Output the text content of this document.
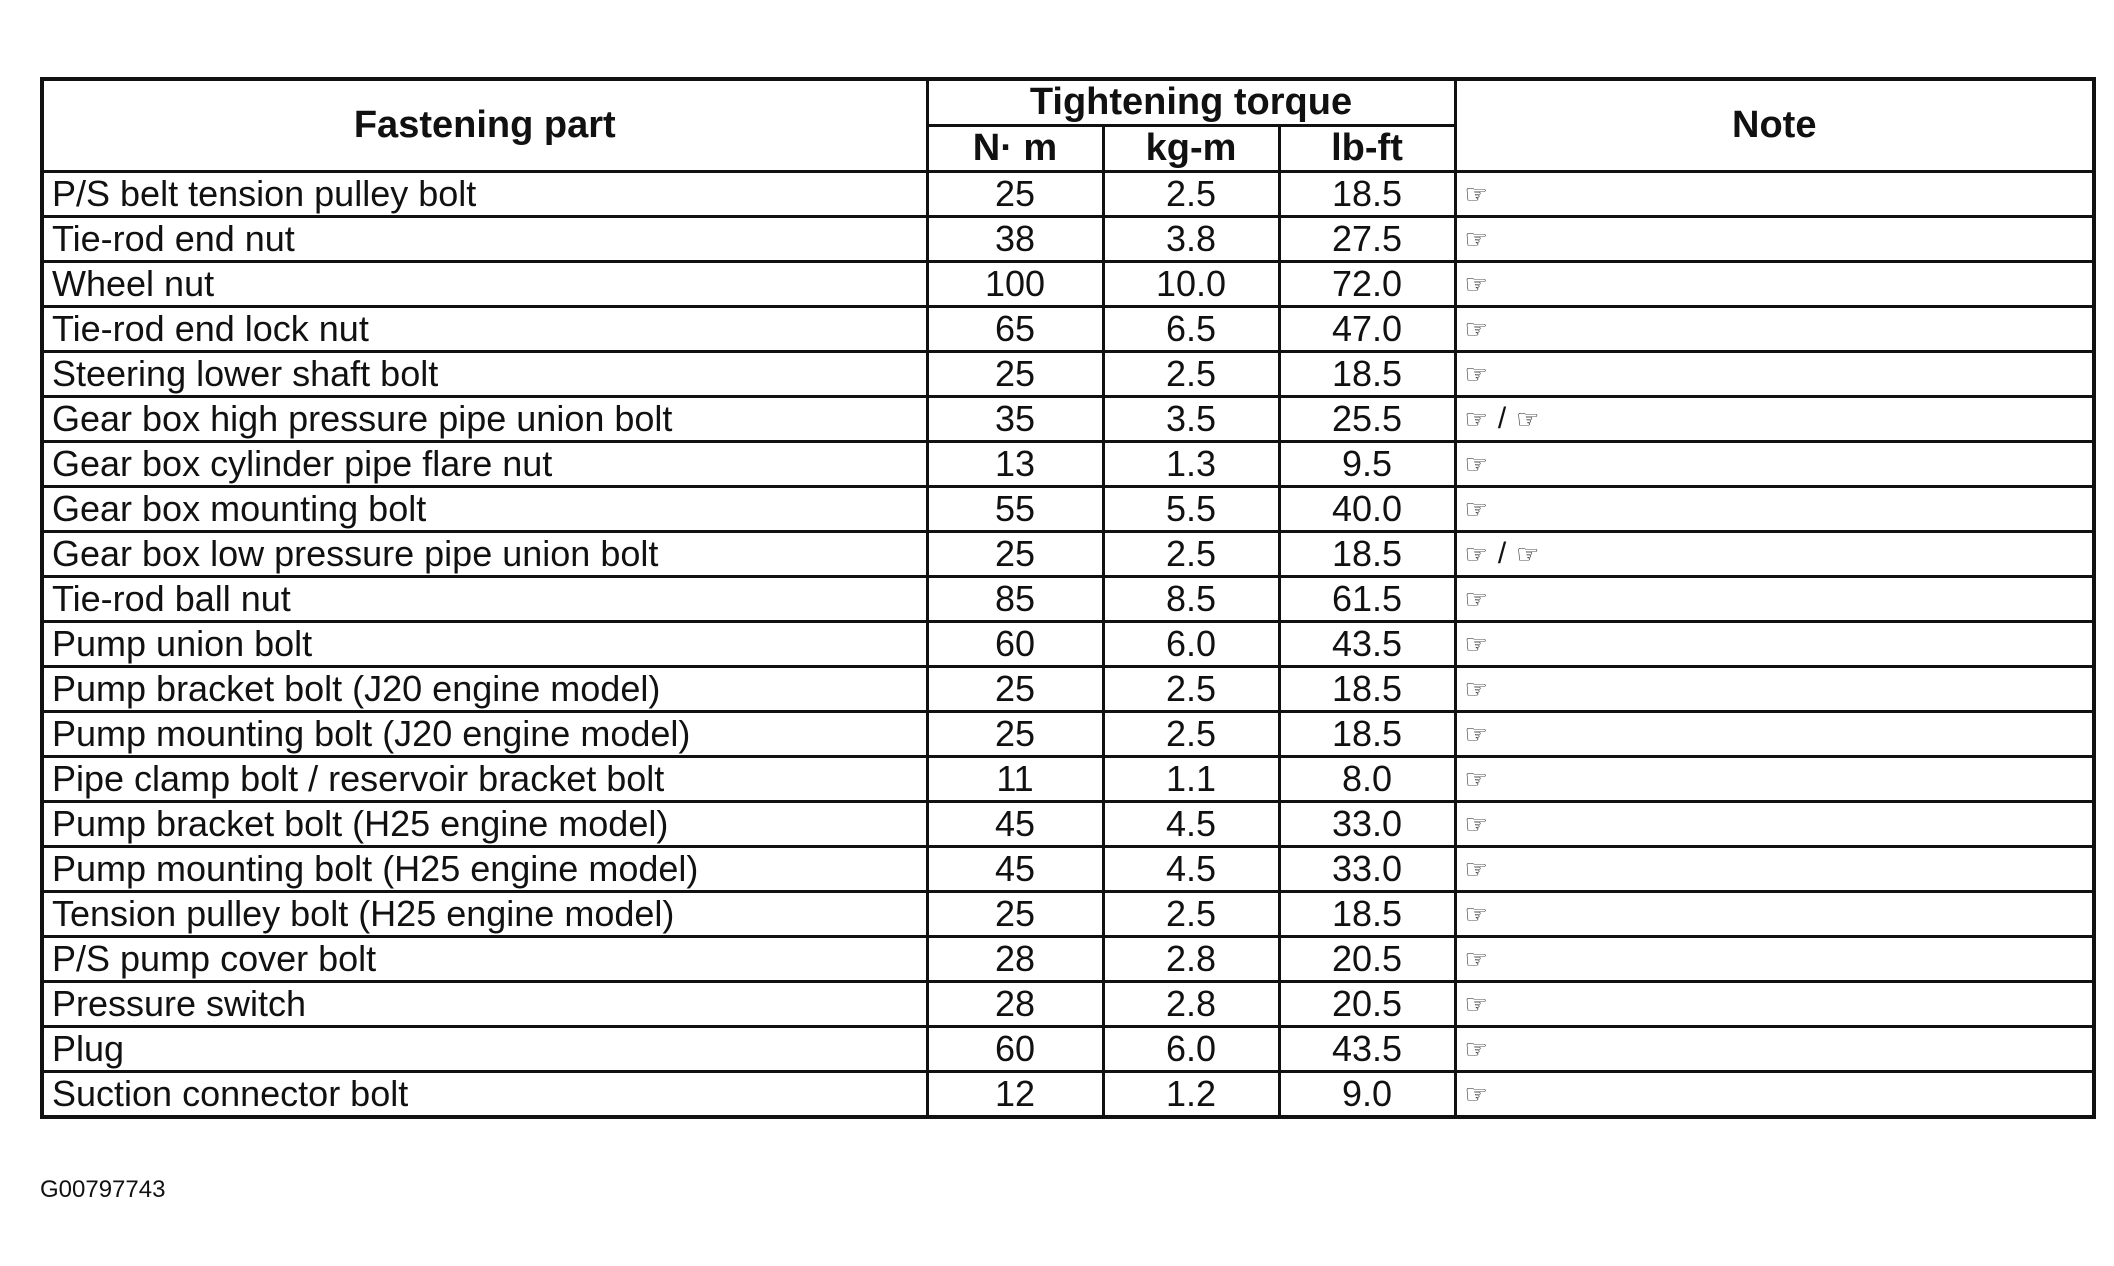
Fastening part	Tightening torque			Note
	N· m	kg-m	lb-ft	
P/S belt tension pulley bolt	25	2.5	18.5	☞
Tie-rod end nut	38	3.8	27.5	☞
Wheel nut	100	10.0	72.0	☞
Tie-rod end lock nut	65	6.5	47.0	☞
Steering lower shaft bolt	25	2.5	18.5	☞
Gear box high pressure pipe union bolt	35	3.5	25.5	☞ / ☞
Gear box cylinder pipe flare nut	13	1.3	9.5	☞
Gear box mounting bolt	55	5.5	40.0	☞
Gear box low pressure pipe union bolt	25	2.5	18.5	☞ / ☞
Tie-rod ball nut	85	8.5	61.5	☞
Pump union bolt	60	6.0	43.5	☞
Pump bracket bolt (J20 engine model)	25	2.5	18.5	☞
Pump mounting bolt (J20 engine model)	25	2.5	18.5	☞
Pipe clamp bolt / reservoir bracket bolt	11	1.1	8.0	☞
Pump bracket bolt (H25 engine model)	45	4.5	33.0	☞
Pump mounting bolt (H25 engine model)	45	4.5	33.0	☞
Tension pulley bolt (H25 engine model)	25	2.5	18.5	☞
P/S pump cover bolt	28	2.8	20.5	☞
Pressure switch	28	2.8	20.5	☞
Plug	60	6.0	43.5	☞
Suction connector bolt	12	1.2	9.0	☞
G00797743
